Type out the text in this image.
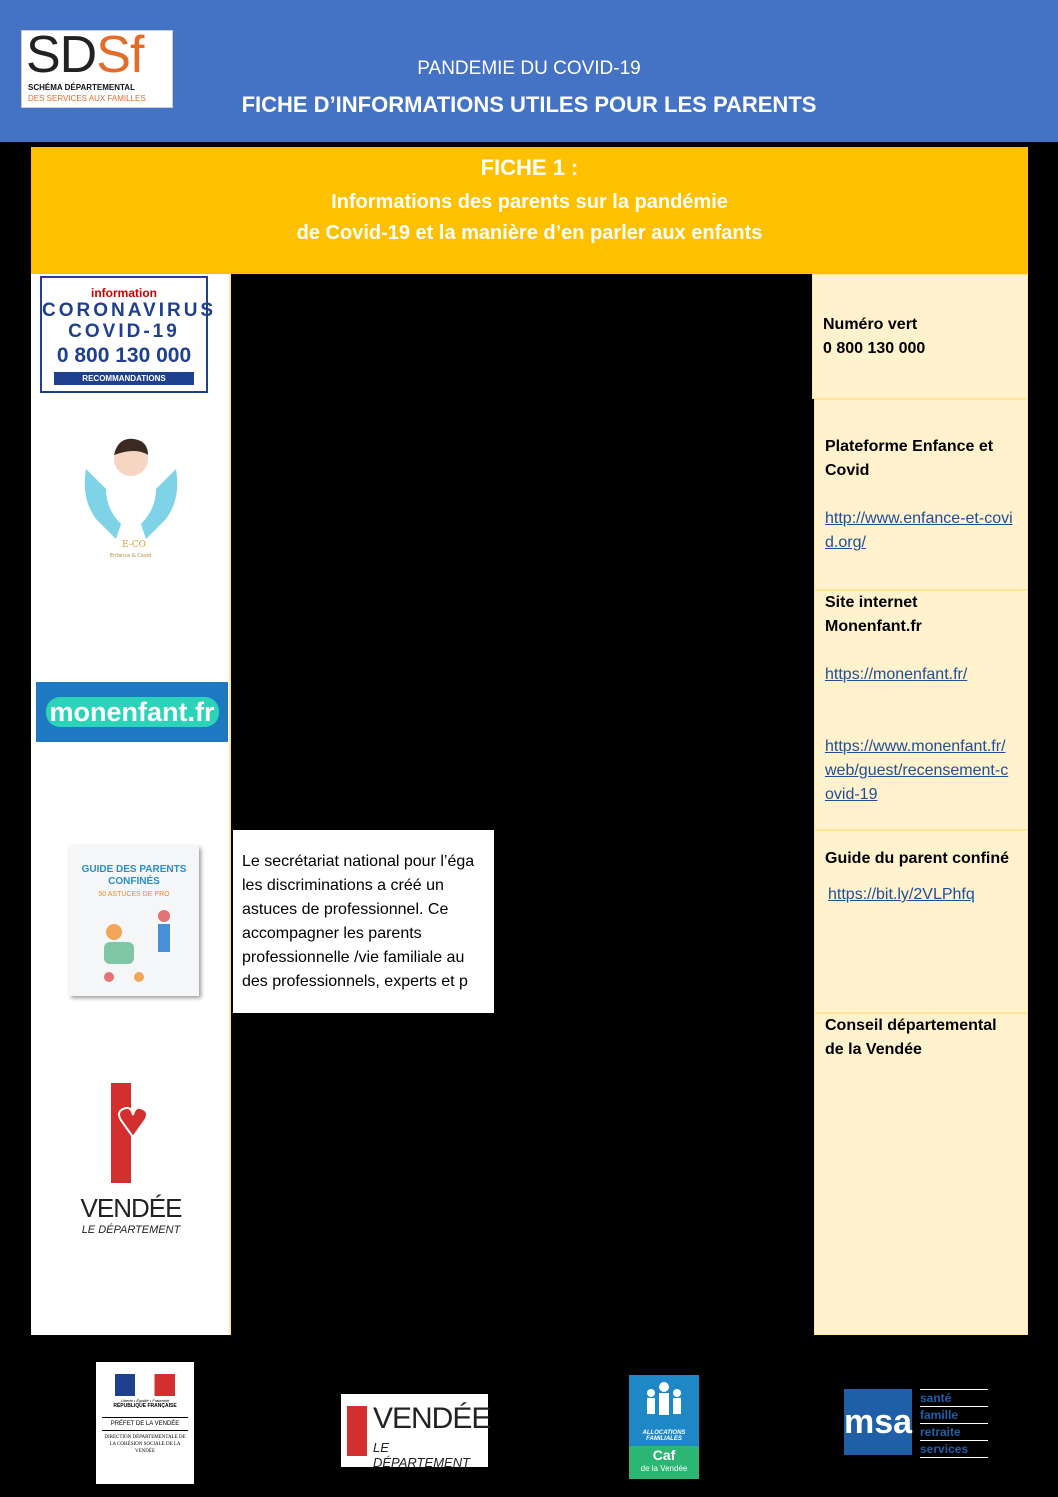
SDSf
SCHÉMA DÉPARTEMENTAL
DES SERVICES AUX FAMILLES
PANDEMIE DU COVID-19
FICHE D’INFORMATIONS UTILES POUR LES PARENTS
FICHE 1 :
Informations des parents sur la pandémie
de Covid-19 et la manière d’en parler aux enfants
information
CORONAVIRUS
COVID-19
0 800 130 000
RECOMMANDATIONS
Numéro vert
0 800 130 000
E-CO
Enfance & Covid
Plateforme Enfance et Covid

http://www.enfance-et-covid.org/
monenfant.fr
Site internet Monenfant.fr

https://monenfant.fr/

https://www.monenfant.fr/web/guest/recensement-covid-19
GUIDE DES PARENTS CONFINÉS
50 ASTUCES DE PRO
Le secrétariat national pour l’éga
les discriminations a créé un
astuces de professionnel. Ce
accompagner les parents
professionnelle /vie familiale au
des professionnels, experts et p
Guide du parent confiné

https://bit.ly/2VLPhfq
VENDÉE
LE DÉPARTEMENT
Conseil départemental de la Vendée
Liberté • Égalité • Fraternité
RÉPUBLIQUE FRANÇAISE
PRÉFET DE LA VENDÉE
DIRECTION DÉPARTEMENTALE DE LA COHÉSION SOCIALE DE LA VENDÉE
VENDÉE
LE DÉPARTEMENT
ALLOCATIONS FAMILIALES
Caf
de la Vendée
msa
santé
famille
retraite
services
